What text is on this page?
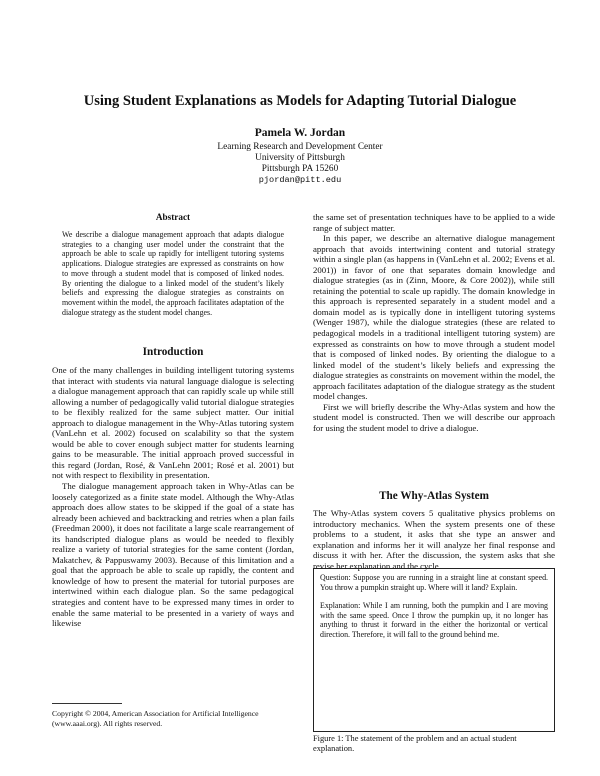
Using Student Explanations as Models for Adapting Tutorial Dialogue
Pamela W. Jordan
Learning Research and Development Center
University of Pittsburgh
Pittsburgh PA 15260
pjordan@pitt.edu
Abstract
We describe a dialogue management approach that adapts dialogue strategies to a changing user model under the constraint that the approach be able to scale up rapidly for intelligent tutoring systems applications. Dialogue strategies are expressed as constraints on how to move through a student model that is composed of linked nodes. By orienting the dialogue to a linked model of the student’s likely beliefs and expressing the dialogue strategies as constraints on movement within the model, the approach facilitates adaptation of the dialogue strategy as the student model changes.
Introduction

One of the many challenges in building intelligent tutoring systems that interact with students via natural language dialogue is selecting a dialogue management approach that can rapidly scale up while still allowing a number of pedagogically valid tutorial dialogue strategies to be flexibly realized for the same subject matter. Our initial approach to dialogue management in the Why-Atlas tutoring system (VanLehn et al. 2002) focused on scalability so that the system would be able to cover enough subject matter for students learning gains to be measurable. The initial approach proved successful in this regard (Jordan, Rosé, & VanLehn 2001; Rosé et al. 2001) but not with respect to flexibility in presentation.

The dialogue management approach taken in Why-Atlas can be loosely categorized as a finite state model. Although the Why-Atlas approach does allow states to be skipped if the goal of a state has already been achieved and backtracking and retries when a plan fails (Freedman 2000), it does not facilitate a large scale rearrangement of its handscripted dialogue plans as would be needed to flexibly realize a variety of tutorial strategies for the same content (Jordan, Makatchev, & Pappuswamy 2003). Because of this limitation and a goal that the approach be able to scale up rapidly, the content and knowledge of how to present the material for tutorial purposes are intertwined within each dialogue plan. So the same pedagogical strategies and content have to be expressed many times in order to enable the same material to be presented in a variety of ways and likewise

Copyright © 2004, American Association for Artificial Intelligence (www.aaai.org). All rights reserved.

the same set of presentation techniques have to be applied to a wide range of subject matter.

In this paper, we describe an alternative dialogue management approach that avoids intertwining content and tutorial strategy within a single plan (as happens in (VanLehn et al. 2002; Evens et al. 2001)) in favor of one that separates domain knowledge and dialogue strategies (as in (Zinn, Moore, & Core 2002)), while still retaining the potential to scale up rapidly. The domain knowledge in this approach is represented separately in a student model and a domain model as is typically done in intelligent tutoring systems (Wenger 1987), while the dialogue strategies (these are related to pedagogical models in a traditional intelligent tutoring system) are expressed as constraints on how to move through a student model that is composed of linked nodes. By orienting the dialogue to a linked model of the student’s likely beliefs and expressing the dialogue strategies as constraints on movement within the model, the approach facilitates adaptation of the dialogue strategy as the student model changes.

First we will briefly describe the Why-Atlas system and how the student model is constructed. Then we will describe our approach for using the student model to drive a dialogue.

The Why-Atlas System

The Why-Atlas system covers 5 qualitative physics problems on introductory mechanics. When the system presents one of these problems to a student, it asks that she type an answer and explanation and informs her it will analyze her final response and discuss it with her. After the discussion, the system asks that she revise her explanation and the cycle

Question: Suppose you are running in a straight line at constant speed. You throw a pumpkin straight up. Where will it land? Explain.

Explanation: While I am running, both the pumpkin and I are moving with the same speed. Once I throw the pumpkin up, it no longer has anything to thrust it forward in the either the horizontal or vertical direction. Therefore, it will fall to the ground behind me.

Figure 1: The statement of the problem and an actual student explanation.
